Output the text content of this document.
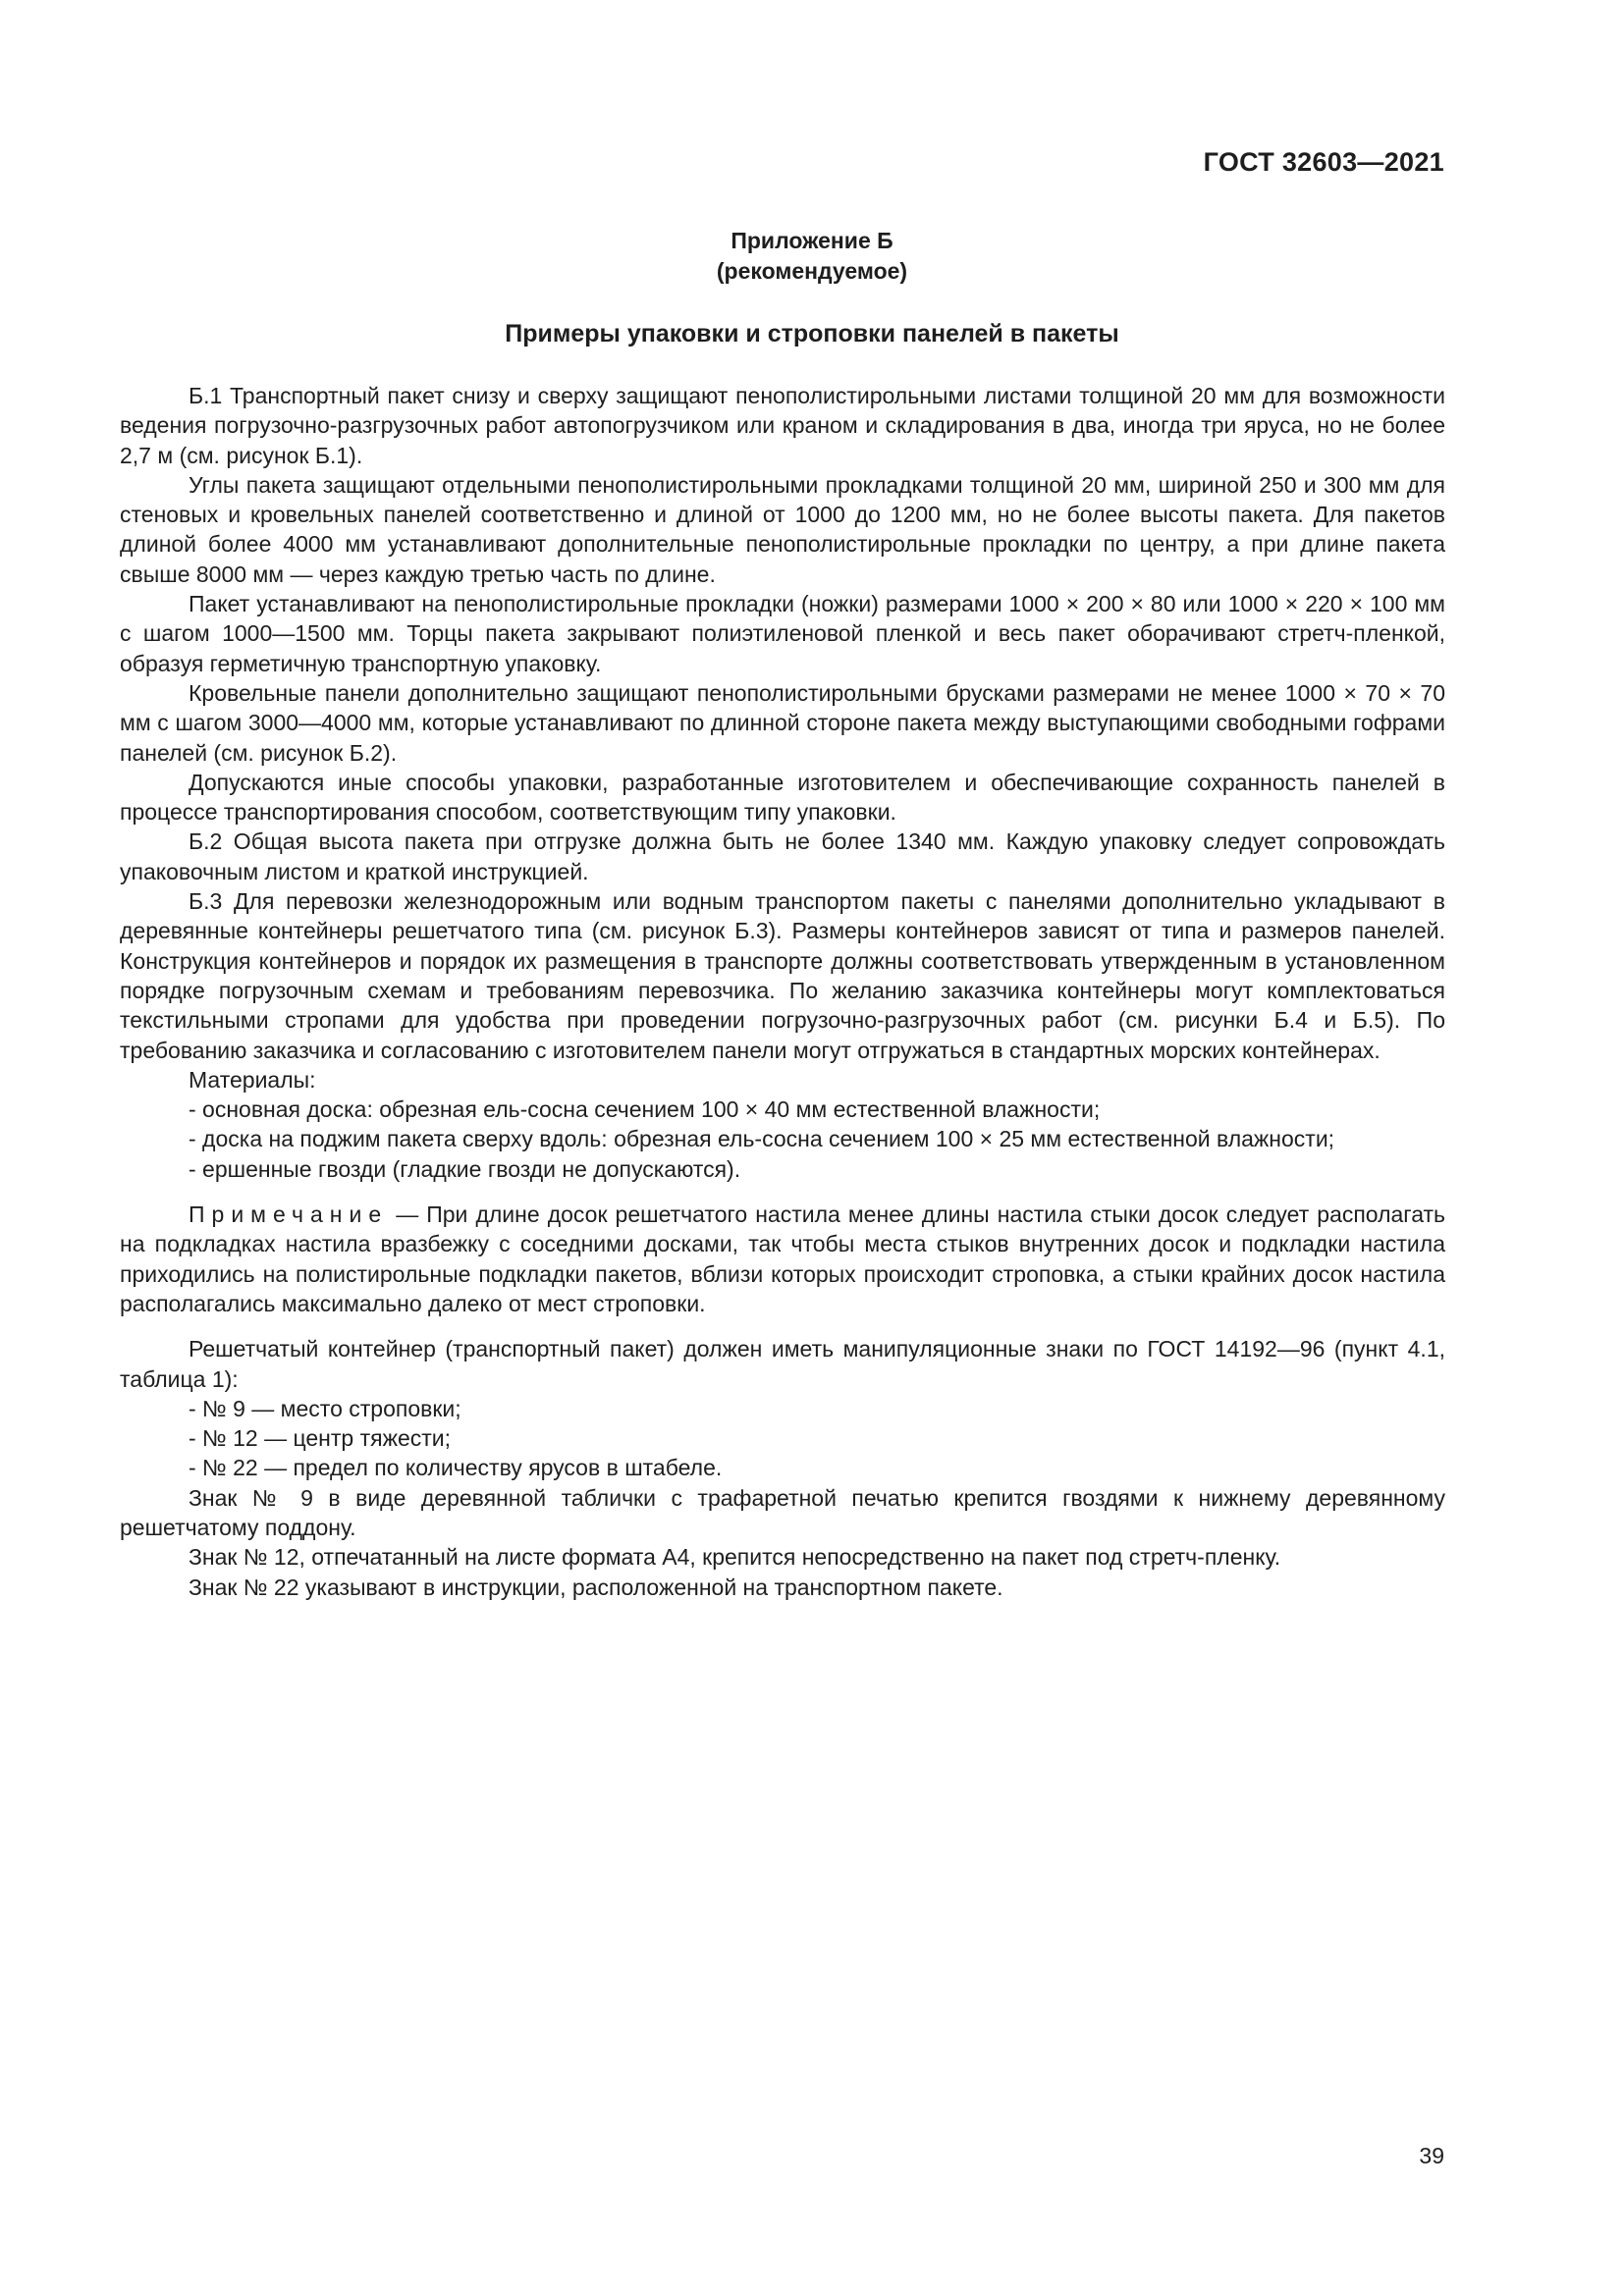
ГОСТ 32603—2021
Приложение Б
(рекомендуемое)
Примеры упаковки и строповки панелей в пакеты

Б.1 Транспортный пакет снизу и сверху защищают пенополистирольными листами толщиной 20 мм для возможности ведения погрузочно-разгрузочных работ автопогрузчиком или краном и складирования в два, иногда три яруса, но не более 2,7 м (см. рисунок Б.1).

Углы пакета защищают отдельными пенополистирольными прокладками толщиной 20 мм, шириной 250 и 300 мм для стеновых и кровельных панелей соответственно и длиной от 1000 до 1200 мм, но не более высоты пакета. Для пакетов длиной более 4000 мм устанавливают дополнительные пенополистирольные прокладки по центру, а при длине пакета свыше 8000 мм — через каждую третью часть по длине.

Пакет устанавливают на пенополистирольные прокладки (ножки) размерами 1000 × 200 × 80 или 1000 × 220 × 100 мм с шагом 1000—1500 мм. Торцы пакета закрывают полиэтиленовой пленкой и весь пакет оборачивают стретч-пленкой, образуя герметичную транспортную упаковку.

Кровельные панели дополнительно защищают пенополистирольными брусками размерами не менее 1000 × 70 × 70 мм с шагом 3000—4000 мм, которые устанавливают по длинной стороне пакета между выступающими свободными гофрами панелей (см. рисунок Б.2).

Допускаются иные способы упаковки, разработанные изготовителем и обеспечивающие сохранность панелей в процессе транспортирования способом, соответствующим типу упаковки.

Б.2 Общая высота пакета при отгрузке должна быть не более 1340 мм. Каждую упаковку следует сопровождать упаковочным листом и краткой инструкцией.

Б.3 Для перевозки железнодорожным или водным транспортом пакеты с панелями дополнительно укладывают в деревянные контейнеры решетчатого типа (см. рисунок Б.3). Размеры контейнеров зависят от типа и размеров панелей. Конструкция контейнеров и порядок их размещения в транспорте должны соответствовать утвержденным в установленном порядке погрузочным схемам и требованиям перевозчика. По желанию заказчика контейнеры могут комплектоваться текстильными стропами для удобства при проведении погрузочно-разгрузочных работ (см. рисунки Б.4 и Б.5). По требованию заказчика и согласованию с изготовителем панели могут отгружаться в стандартных морских контейнерах.

Материалы:

- основная доска: обрезная ель-сосна сечением 100 × 40 мм естественной влажности;

- доска на поджим пакета сверху вдоль: обрезная ель-сосна сечением 100 × 25 мм естественной влажности;

- ершенные гвозди (гладкие гвозди не допускаются).

Примечание — При длине досок решетчатого настила менее длины настила стыки досок следует располагать на подкладках настила вразбежку с соседними досками, так чтобы места стыков внутренних досок и подкладки настила приходились на полистирольные подкладки пакетов, вблизи которых происходит строповка, а стыки крайних досок настила располагались максимально далеко от мест строповки.

Решетчатый контейнер (транспортный пакет) должен иметь манипуляционные знаки по ГОСТ 14192—96 (пункт 4.1, таблица 1):

- № 9 — место строповки;

- № 12 — центр тяжести;

- № 22 — предел по количеству ярусов в штабеле.

Знак № 9 в виде деревянной таблички с трафаретной печатью крепится гвоздями к нижнему деревянному решетчатому поддону.

Знак № 12, отпечатанный на листе формата А4, крепится непосредственно на пакет под стретч-пленку.

Знак № 22 указывают в инструкции, расположенной на транспортном пакете.

39
